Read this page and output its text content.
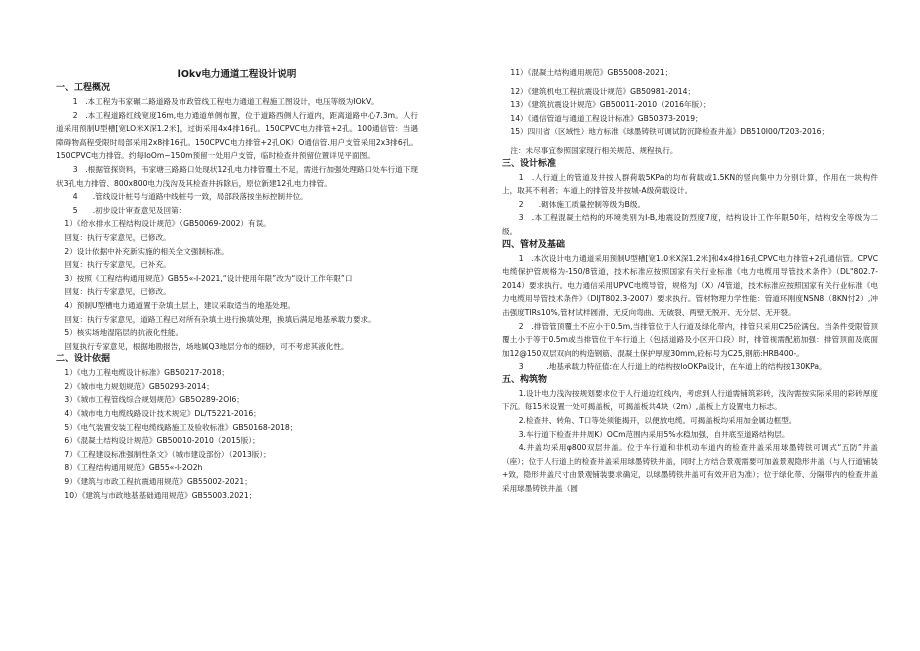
lOkv电力通道工程设计说明
一、工程概况

1　.本工程为韦家碾二路道路及市政管线工程电力通道工程施工图设计，电压等级为IOkV。

2　.本工程道路红线宽度16m,电力通道单侧布置，位于道路西侧人行道内，距离道路中心7.3m。人行道采用预制U型槽[宽LO米X深1.2米]，过街采用4x4排16孔。150CPVC电力排管+2孔。100通信管：当遇障碍物高程受限时局部采用2x8排16孔。150CPVC电力排管+2孔OK）O通信管.用户支管采用2x3排6孔。150CPVC电力排管。约每IoOm~150m预留一处用户支管，临时检查井预留位置详见平面图。

3　.根据管探资料，韦家塘三路路口处现状12孔电力排管覆土不足，需进行加强处理路口处车行道下现状3孔电力排管、800x800电力浅沟及其检查井拆除后，原位新建12孔电力排管。

4　　.管线设计桩号与道路中线桩号一致，局部段落按坐标控制井位。

5　　.初步设计审查意见及回第：

1）《给水排水工程结构设计规范》（GB50069-2002）有误。

回复：执行专家意见，已修改。

2）设计依据中补充新实施的相关全文强制标准。

回复：执行专家意见，已补充。

3）按照《工程结构通用规范》GB55«-I-2021,“设计使用年限”改为“设计工作年限”口

回复：执行专家意见，已修改。

4）预制U型槽电力通道置于杂填土层上，建议采取适当的地基处理。

回复：执行专家意见，道路工程已对所有杂填土进行换填处理，换填后满足地基承载力要求。

5）核实场地湿陷层的抗液化性能。

回复执行专家意见，根据地勘报告，场地属Q3地层分布的细砂，可不考虑其液化性。

二、设计依据

1）《电力工程电缆设计标准》GB50217-2018；

2）《城市电力规划规范》GB50293-2014；

3）《城市工程管线综合规划规范》GB5O289-2OI6；

4）《城市电力电缆线路设计技术规定》DL/T5221-2016；

5）《电气装置安装工程电缆线路施工及验收标准》GB50168-2018；

6）《混凝土结构设计规范》GB50010-2010（2015版）；

7）《工程建设标准强制性条文》（城市建设部份）（2013版）；

8）《工程结构通用规范》GB55«-l-2O2h

9）《建筑与市政工程抗震通用规范》GB55002-2021；

10）《建筑与市政地基基础通用规范》GB55003.2021；

11）《混凝土结构通用规范》GB55008-2021；

12）《建筑机电工程抗震设计规范》GB50981-2014；

13）《建筑抗震设计规范》GB50011-2010（2016年版）；

14）《通信管道与通道工程设计标准》GB50373-2019；

15）四川省（区域性）地方标准《球墨铸铁可调试防沉降检查井盖》DB510I00/T203-2016；

注：未尽事宜参照国家现行相关规范、规程执行。

三、设计标准

1　.人行道上的管道及井按人群荷载5KPa的均布荷载或1.5KN的竖向集中力分别计算，作用在一块构件上，取其不利者；车道上的排管及井按城-A级荷载设计。

2　　.砌体施工质量控制等级为B级。

3　.本工程混凝土结构的环境类别为I-B,地震设防烈度7度，结构设计工作年限50年，结构安全等级为二级。

四、管材及基础

1　.本次设计电力通道采用预制U型槽[宽1.0米X深1.2米]和4x4排16孔CPVC电力排管+2孔通信管。CPVC电缆保护管规格为-150/8管道，技术标准应按照国家有关行业标准《电力电缆用导管技术条件》（DL"802.7-2014）要求执行。电力通信采用UPVC电缆导管，规格为J（X）/4管道，技术标准应按照国家有关行业标准《电力电缆用导管技术条件》（DIJT802.3-2007）要求执行。管材物理力学性能：管道环刚度NSN8（8KN忖2）,冲击强度TIRs10%,管材试样圆滑、无反向弯曲、无破裂、两壁无脱开、无分层、无开裂。

2　.排管管顶覆土不应小于0.5m,当排管位于人行道及绿化带内，排管只采用C25砼满包。当条件受限管顶覆土小于等于0.5m或当排管位于车行道上（包括道路及小区开口段）时，排管视需配筋加强：排管顶面及底面加12@150双层双向的构造钢筋、混凝土保护厚度30mm,砼标号为C25,钢筋:HRB400-。

3　　　.地基承载力特征值:在人行道上的结构按IoOKPa设计，在车道上的结构按130KPa。

五、构筑物

1.设计电力浅沟按规划要求位于人行道边红线内，考虑到人行道需铺筑彩砖，浅沟需按实际采用的彩砖厚度下沉。每15米设置一处可揭盖板，可揭盖板共4块（2m）,盖板上方设置电力标志。

2.检查井、转角、T口等处须能揭开，以便放电缆。可揭盖板均采用加金属边框型。

3.车行道下检查井井周K）OCm范围内采用5%水稳加强，自井底至道路结构层。

4.井盖均采用φ800双层井盖。位于车行道和非机动车道内的检查井盖采用球墨铸铁可调式“五防”井盖（座）；位于人行道上的检查井盖采用球墨铸铁井盖，同时上方结合景观需要可加盖景观隐形井盖（与人行道铺装+致，隐形井盖尺寸由景观铺装要求确定，以球墨铸铁井盖可有效开启为准）；位于绿化带、分隔带内的检查井盖采用球墨铸铁井盖（圆
